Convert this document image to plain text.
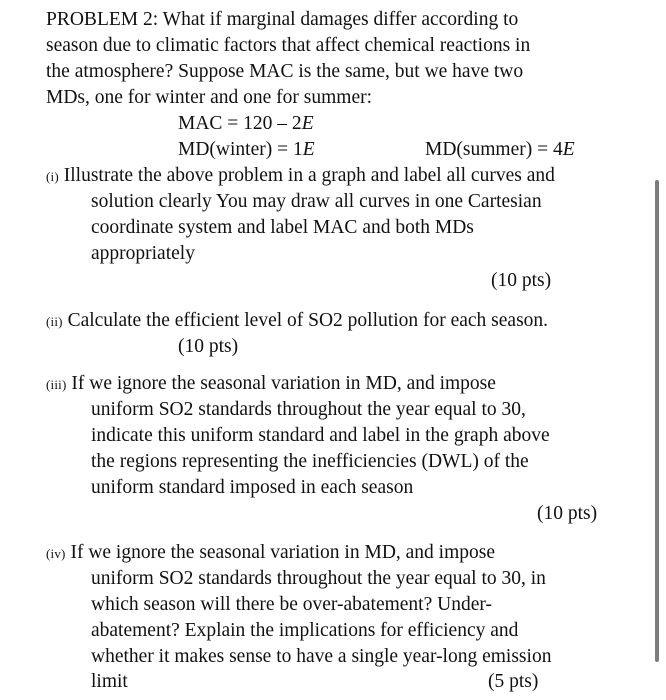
PROBLEM 2: What if marginal damages differ according to
season due to climatic factors that affect chemical reactions in
the atmosphere? Suppose MAC is the same, but we have two
MDs, one for winter and one for summer:
MAC = 120 – 2E
MD(winter) = 1E	MD(summer) = 4E
(i) Illustrate the above problem in a graph and label all curves and
solution clearly You may draw all curves in one Cartesian
coordinate system and label MAC and both MDs
appropriately
(10 pts)
(ii) Calculate the efficient level of SO2 pollution for each season.
(10 pts)
(iii) If we ignore the seasonal variation in MD, and impose
uniform SO2 standards throughout the year equal to 30,
indicate this uniform standard and label in the graph above
the regions representing the inefficiencies (DWL) of the
uniform standard imposed in each season
(10 pts)
(iv) If we ignore the seasonal variation in MD, and impose
uniform SO2 standards throughout the year equal to 30, in
which season will there be over-abatement? Under-
abatement? Explain the implications for efficiency and
whether it makes sense to have a single year-long emission
limit	(5 pts)
